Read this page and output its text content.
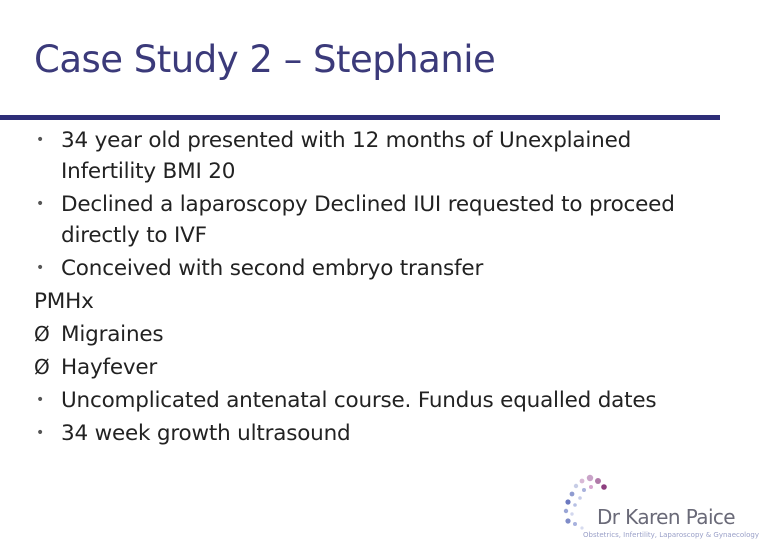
Case Study 2 – Stephanie
• 34 year old presented with 12 months of Unexplained Infertility BMI 20
• Declined a laparoscopy Declined IUI requested to proceed directly to IVF
• Conceived with second embryo transfer
PMHx
Ø Migraines
Ø Hayfever
• Uncomplicated antenatal course. Fundus equalled dates
• 34 week growth ultrasound
Dr Karen Paice
Obstetrics, Infertility, Laparoscopy & Gynaecology
